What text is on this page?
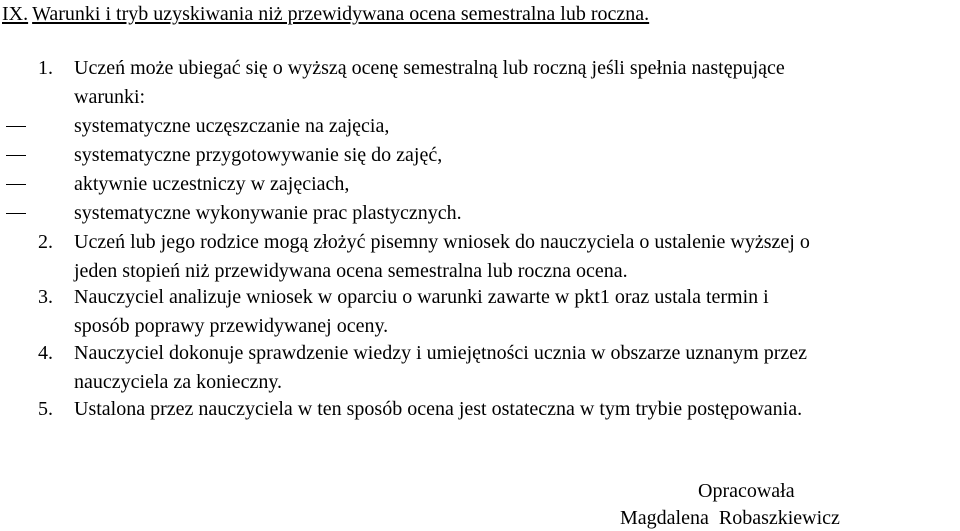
IX. Warunki i tryb uzyskiwania niż przewidywana ocena semestralna lub roczna.
1. Uczeń może ubiegać się o wyższą ocenę semestralną lub roczną jeśli spełnia następujące
warunki:
systematyczne uczęszczanie na zajęcia,
systematyczne przygotowywanie się do zajęć,
aktywnie uczestniczy w zajęciach,
systematyczne wykonywanie prac plastycznych.
2. Uczeń lub jego rodzice mogą złożyć pisemny wniosek do nauczyciela o ustalenie wyższej o
jeden stopień niż przewidywana ocena semestralna lub roczna ocena.
3. Nauczyciel analizuje wniosek w oparciu o warunki zawarte w pkt1 oraz ustala termin i
sposób poprawy przewidywanej oceny.
4. Nauczyciel dokonuje sprawdzenie wiedzy i umiejętności ucznia w obszarze uznanym przez
nauczyciela za konieczny.
5. Ustalona przez nauczyciela w ten sposób ocena jest ostateczna w tym trybie postępowania.
Opracowała
Magdalena  Robaszkiewicz
